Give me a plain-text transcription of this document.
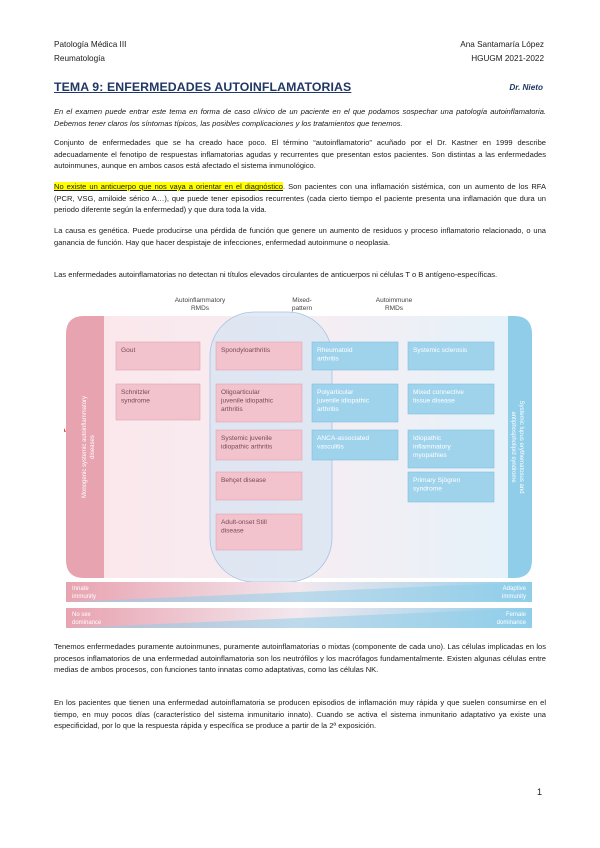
Patología Médica III
Reumatología
Ana Santamaría López
HGUGM 2021-2022
TEMA 9: ENFERMEDADES AUTOINFLAMATORIAS	Dr. Nieto
En el examen puede entrar este tema en forma de caso clínico de un paciente en el que podamos sospechar una patología autoinflamatoria. Debemos tener claros los síntomas típicos, las posibles complicaciones y los tratamientos que tenemos.
Conjunto de enfermedades que se ha creado hace poco. El término “autoinflamatorio” acuñado por el Dr. Kastner en 1999 describe adecuadamente el fenotipo de respuestas inflamatorias agudas y recurrentes que presentan estos pacientes. Son distintas a las enfermedades autoinmunes, aunque en ambos casos está afectado el sistema inmunológico.
No existe un anticuerpo que nos vaya a orientar en el diagnóstico. Son pacientes con una inflamación sistémica, con un aumento de los RFA (PCR, VSG, amiloide sérico A…), que puede tener episodios recurrentes (cada cierto tiempo el paciente presenta una inflamación que dura un periodo diferente según la enfermedad) y que dura toda la vida.
La causa es genética. Puede producirse una pérdida de función que genere un aumento de residuos y proceso inflamatorio relacionado, o una ganancia de función. Hay que hacer despistaje de infecciones, enfermedad autoinmune o neoplasia.
Las enfermedades autoinflamatorias no detectan ni títulos elevados circulantes de anticuerpos ni células T o B antígeno-específicas.
Autoinflammatory
RMDs
Mixed-
pattern
Autoimmune
RMDs
Monogenic systemic autoinflammatory diseases	Systemic lupus erythematosus and
antiphospholipid syndrome
Gout
Schnitzler
syndrome
Spondyloarthritis
Oligoarticular
juvenile idiopathic
arthritis
Systemic juvenile
idiopathic arthritis
Behçet disease
Adult-onset Still
disease
Rheumatoid
arthritis
Polyarticular
juvenile idiopathic
arthritis
ANCA-associated
vasculitis
Systemic sclerosis
Mixed connective
tissue disease
Idiopathic
inflammatory
myopathies
Primary Sjögren
syndrome
Innate
immunity
Adaptive
immunity
No sex
dominance
Female
dominance
Tenemos enfermedades puramente autoinmunes, puramente autoinflamatorias o mixtas (componente de cada uno). Las células implicadas en los procesos inflamatorios de una enfermedad autoinflamatoria son los neutrófilos y los macrófagos fundamentalmente. Existen algunas células entre medias de ambos procesos, con funciones tanto innatas como adaptativas, como las células NK.
En los pacientes que tienen una enfermedad autoinflamatoria se producen episodios de inflamación muy rápida y que suelen consumirse en el tiempo, en muy pocos días (característico del sistema inmunitario innato). Cuando se activa el sistema inmunitario adaptativo ya existe una especificidad, por lo que la respuesta rápida y específica se produce a partir de la 2ª exposición.
1
